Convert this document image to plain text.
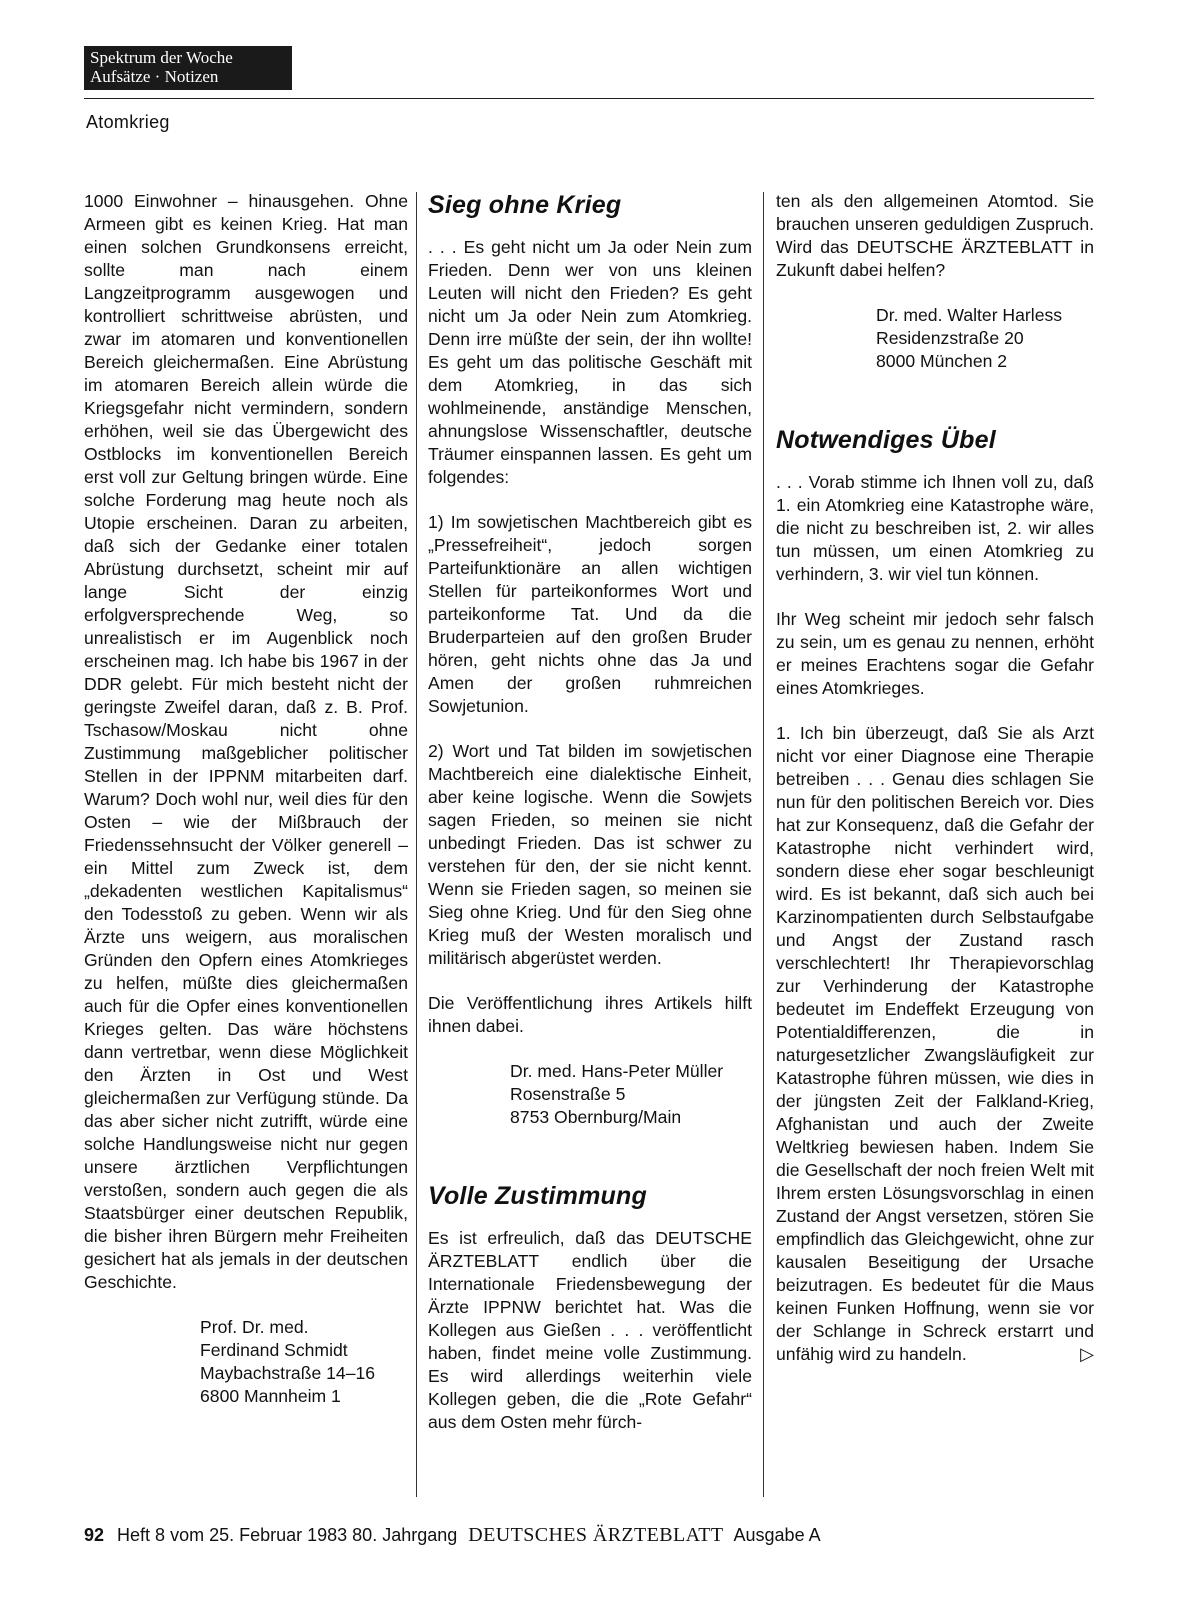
Spektrum der Woche
Aufsätze · Notizen
Atomkrieg

1000 Einwohner – hinausgehen. Ohne Armeen gibt es keinen Krieg. Hat man einen solchen Grundkonsens erreicht, sollte man nach einem Langzeitprogramm ausgewogen und kontrolliert schrittweise abrüsten, und zwar im atomaren und konventionellen Bereich gleichermaßen. Eine Abrüstung im atomaren Bereich allein würde die Kriegsgefahr nicht vermindern, sondern erhöhen, weil sie das Übergewicht des Ostblocks im konventionellen Bereich erst voll zur Geltung bringen würde. Eine solche Forderung mag heute noch als Utopie erscheinen. Daran zu arbeiten, daß sich der Gedanke einer totalen Abrüstung durchsetzt, scheint mir auf lange Sicht der einzig erfolgversprechende Weg, so unrealistisch er im Augenblick noch erscheinen mag. Ich habe bis 1967 in der DDR gelebt. Für mich besteht nicht der geringste Zweifel daran, daß z. B. Prof. Tschasow/Moskau nicht ohne Zustimmung maßgeblicher politischer Stellen in der IPPNM mitarbeiten darf. Warum? Doch wohl nur, weil dies für den Osten – wie der Mißbrauch der Friedenssehnsucht der Völker generell – ein Mittel zum Zweck ist, dem „dekadenten westlichen Kapitalismus“ den Todesstoß zu geben. Wenn wir als Ärzte uns weigern, aus moralischen Gründen den Opfern eines Atomkrieges zu helfen, müßte dies gleichermaßen auch für die Opfer eines konventionellen Krieges gelten. Das wäre höchstens dann vertretbar, wenn diese Möglichkeit den Ärzten in Ost und West gleichermaßen zur Verfügung stünde. Da das aber sicher nicht zutrifft, würde eine solche Handlungsweise nicht nur gegen unsere ärztlichen Verpflichtungen verstoßen, sondern auch gegen die als Staatsbürger einer deutschen Republik, die bisher ihren Bürgern mehr Freiheiten gesichert hat als jemals in der deutschen Geschichte.

Prof. Dr. med.
Ferdinand Schmidt
Maybachstraße 14–16
6800 Mannheim 1
Sieg ohne Krieg

. . . Es geht nicht um Ja oder Nein zum Frieden. Denn wer von uns kleinen Leuten will nicht den Frieden? Es geht nicht um Ja oder Nein zum Atomkrieg. Denn irre müßte der sein, der ihn wollte! Es geht um das politische Geschäft mit dem Atomkrieg, in das sich wohlmeinende, anständige Menschen, ahnungslose Wissenschaftler, deutsche Träumer einspannen lassen. Es geht um folgendes:

1) Im sowjetischen Machtbereich gibt es „Pressefreiheit“, jedoch sorgen Parteifunktionäre an allen wichtigen Stellen für parteikonformes Wort und parteikonforme Tat. Und da die Bruderparteien auf den großen Bruder hören, geht nichts ohne das Ja und Amen der großen ruhmreichen Sowjetunion.

2) Wort und Tat bilden im sowjetischen Machtbereich eine dialektische Einheit, aber keine logische. Wenn die Sowjets sagen Frieden, so meinen sie nicht unbedingt Frieden. Das ist schwer zu verstehen für den, der sie nicht kennt. Wenn sie Frieden sagen, so meinen sie Sieg ohne Krieg. Und für den Sieg ohne Krieg muß der Westen moralisch und militärisch abgerüstet werden.

Die Veröffentlichung ihres Artikels hilft ihnen dabei.

Dr. med. Hans-Peter Müller
Rosenstraße 5
8753 Obernburg/Main
Volle Zustimmung

Es ist erfreulich, daß das DEUTSCHE ÄRZTEBLATT endlich über die Internationale Friedensbewegung der Ärzte IPPNW berichtet hat. Was die Kollegen aus Gießen . . . veröffentlicht haben, findet meine volle Zustimmung. Es wird allerdings weiterhin viele Kollegen geben, die die „Rote Gefahr“ aus dem Osten mehr fürch-

ten als den allgemeinen Atomtod. Sie brauchen unseren geduldigen Zuspruch. Wird das DEUTSCHE ÄRZTEBLATT in Zukunft dabei helfen?

Dr. med. Walter Harless
Residenzstraße 20
8000 München 2
Notwendiges Übel

. . . Vorab stimme ich Ihnen voll zu, daß 1. ein Atomkrieg eine Katastrophe wäre, die nicht zu beschreiben ist, 2. wir alles tun müssen, um einen Atomkrieg zu verhindern, 3. wir viel tun können.

Ihr Weg scheint mir jedoch sehr falsch zu sein, um es genau zu nennen, erhöht er meines Erachtens sogar die Gefahr eines Atomkrieges.

1. Ich bin überzeugt, daß Sie als Arzt nicht vor einer Diagnose eine Therapie betreiben . . . Genau dies schlagen Sie nun für den politischen Bereich vor. Dies hat zur Konsequenz, daß die Gefahr der Katastrophe nicht verhindert wird, sondern diese eher sogar beschleunigt wird. Es ist bekannt, daß sich auch bei Karzinompatienten durch Selbstaufgabe und Angst der Zustand rasch verschlechtert! Ihr Therapievorschlag zur Verhinderung der Katastrophe bedeutet im Endeffekt Erzeugung von Potentialdifferenzen, die in naturgesetzlicher Zwangsläufigkeit zur Katastrophe führen müssen, wie dies in der jüngsten Zeit der Falkland-Krieg, Afghanistan und auch der Zweite Weltkrieg bewiesen haben. Indem Sie die Gesellschaft der noch freien Welt mit Ihrem ersten Lösungsvorschlag in einen Zustand der Angst versetzen, stören Sie empfindlich das Gleichgewicht, ohne zur kausalen Beseitigung der Ursache beizutragen. Es bedeutet für die Maus keinen Funken Hoffnung, wenn sie vor der Schlange in Schreck erstarrt und unfähig wird zu handeln.	▷
92 Heft 8 vom 25. Februar 1983 80. Jahrgang DEUTSCHES ÄRZTEBLATT Ausgabe A
